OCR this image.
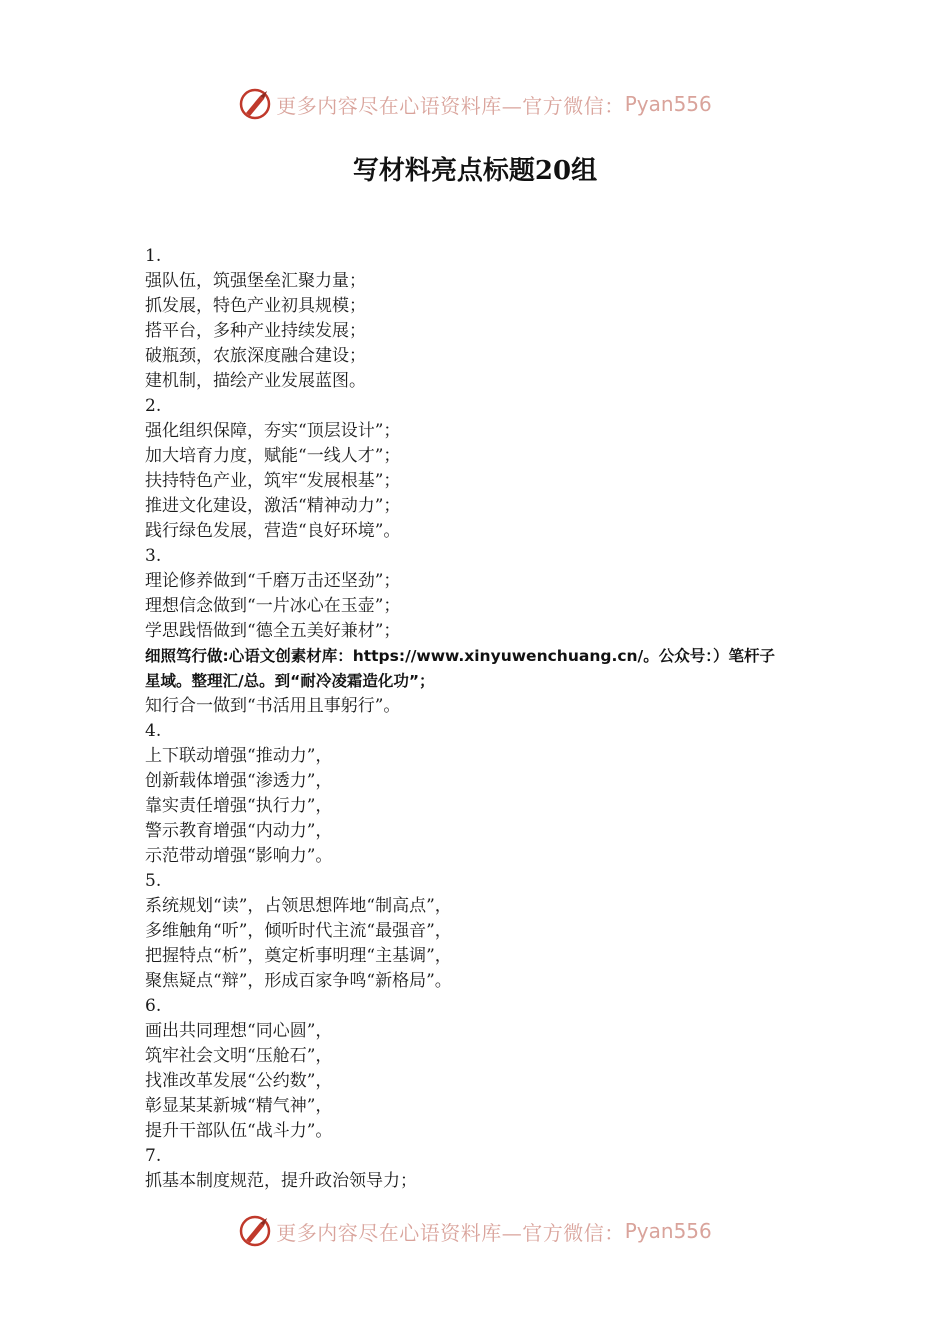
更多内容尽在心语资料库—官方微信： Pyan556
写材料亮点标题20组
1.
强队伍，筑强堡垒汇聚力量；
抓发展，特色产业初具规模；
搭平台，多种产业持续发展；
破瓶颈，农旅深度融合建设；
建机制，描绘产业发展蓝图。
2.
强化组织保障，夯实“顶层设计”；
加大培育力度，赋能“一线人才”；
扶持特色产业，筑牢“发展根基”；
推进文化建设，激活“精神动力”；
践行绿色发展，营造“良好环境”。
3.
理论修养做到“千磨万击还坚劲”；
理想信念做到“一片冰心在玉壶”；
学思践悟做到“德全五美好兼材”；
细照笃行做:心语文创素材库：https://www.xinyuwenchuang.cn/。公众号：）笔杆子
星域。整理汇/总。到“耐冷凌霜造化功”；
知行合一做到“书活用且事躬行”。
4.
上下联动增强“推动力”，
创新载体增强“渗透力”，
靠实责任增强“执行力”，
警示教育增强“内动力”，
示范带动增强“影响力”。
5.
系统规划“读”，占领思想阵地“制高点”，
多维触角“听”，倾听时代主流“最强音”，
把握特点“析”，奠定析事明理“主基调”，
聚焦疑点“辩”，形成百家争鸣“新格局”。
6.
画出共同理想“同心圆”，
筑牢社会文明“压舱石”，
找准改革发展“公约数”，
彰显某某新城“精气神”，
提升干部队伍“战斗力”。
7.
抓基本制度规范，提升政治领导力；
更多内容尽在心语资料库—官方微信： Pyan556
